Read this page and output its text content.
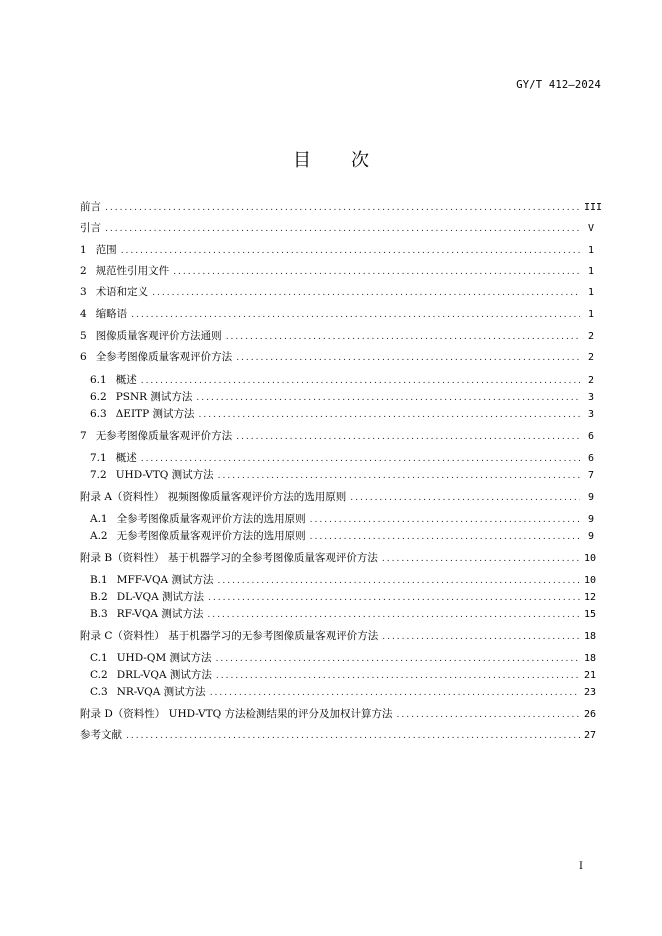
GY/T 412—2024
目 次
前言 .....	III
引言 .....	V
1 范围 .....	1
2 规范性引用文件 .....	1
3 术语和定义 .....	1
4 缩略语 .....	1
5 图像质量客观评价方法通则 .....	2
6 全参考图像质量客观评价方法 .....	2
6.1 概述 .....	2
6.2 PSNR 测试方法 .....	3
6.3 ΔEITP 测试方法 .....	3
7 无参考图像质量客观评价方法 .....	6
7.1 概述 .....	6
7.2 UHD-VTQ 测试方法 .....	7
附录 A（资料性） 视频图像质量客观评价方法的选用原则 .....	9
A.1 全参考图像质量客观评价方法的选用原则 .....	9
A.2 无参考图像质量客观评价方法的选用原则 .....	9
附录 B（资料性） 基于机器学习的全参考图像质量客观评价方法 .....	10
B.1 MFF-VQA 测试方法 .....	10
B.2 DL-VQA 测试方法 .....	12
B.3 RF-VQA 测试方法 .....	15
附录 C（资料性） 基于机器学习的无参考图像质量客观评价方法 .....	18
C.1 UHD-QM 测试方法 .....	18
C.2 DRL-VQA 测试方法 .....	21
C.3 NR-VQA 测试方法 .....	23
附录 D（资料性） UHD-VTQ 方法检测结果的评分及加权计算方法 .....	26
参考文献 .....	27
I
